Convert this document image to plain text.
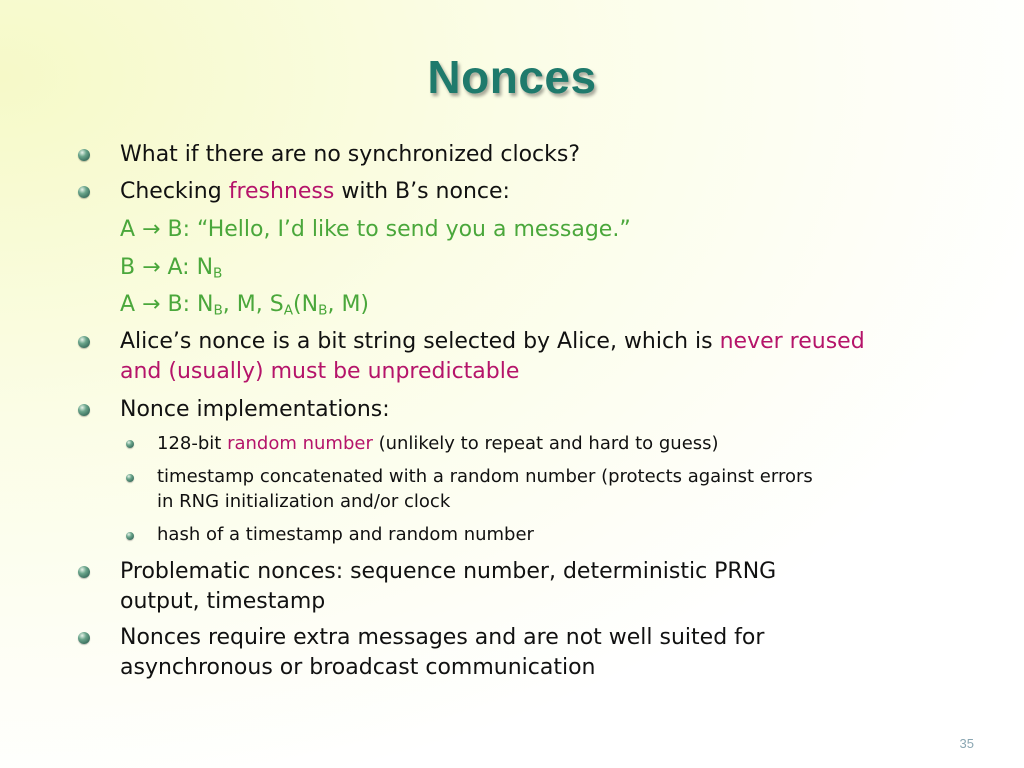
Nonces
What if there are no synchronized clocks?
Checking freshness with B’s nonce:
A → B: “Hello, I’d like to send you a message.”
B → A: $N_B$
A → B: $N_B$, M, $S_A(N_B$, M)
Alice’s nonce is a bit string selected by Alice, which is never reused
and (usually) must be unpredictable
Nonce implementations:
128-bit random number (unlikely to repeat and hard to guess)
timestamp concatenated with a random number (protects against errors
in RNG initialization and/or clock
hash of a timestamp and random number
Problematic nonces: sequence number, deterministic PRNG
output, timestamp
Nonces require extra messages and are not well suited for
asynchronous or broadcast communication
35
